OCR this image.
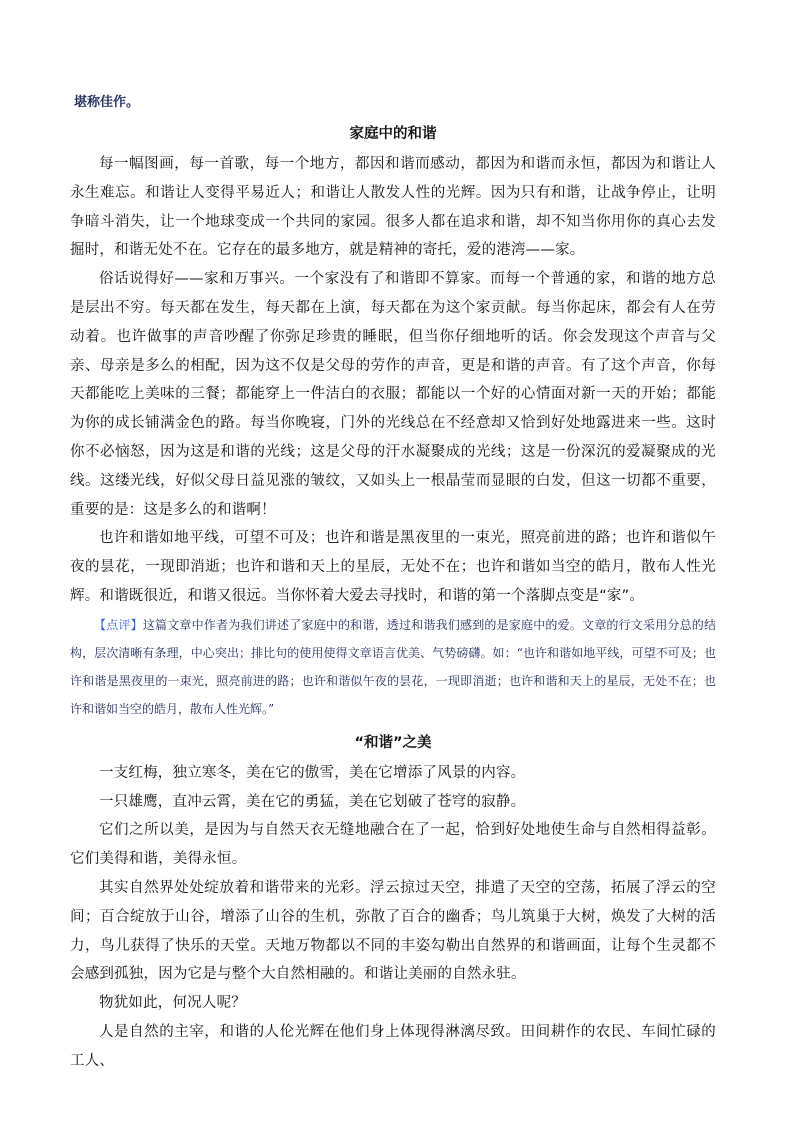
堪称佳作。

家庭中的和谐

每一幅图画，每一首歌，每一个地方，都因和谐而感动，都因为和谐而永恒，都因为和谐让人永生难忘。和谐让人变得平易近人；和谐让人散发人性的光辉。因为只有和谐，让战争停止，让明争暗斗消失，让一个地球变成一个共同的家园。很多人都在追求和谐，却不知当你用你的真心去发掘时，和谐无处不在。它存在的最多地方，就是精神的寄托，爱的港湾——家。

俗话说得好——家和万事兴。一个家没有了和谐即不算家。而每一个普通的家，和谐的地方总是层出不穷。每天都在发生，每天都在上演，每天都在为这个家贡献。每当你起床，都会有人在劳动着。也许做事的声音吵醒了你弥足珍贵的睡眠，但当你仔细地听的话。你会发现这个声音与父亲、母亲是多么的相配，因为这不仅是父母的劳作的声音，更是和谐的声音。有了这个声音，你每天都能吃上美味的三餐；都能穿上一件洁白的衣服；都能以一个好的心情面对新一天的开始；都能为你的成长铺满金色的路。每当你晚寝，门外的光线总在不经意却又恰到好处地露进来一些。这时你不必恼怒，因为这是和谐的光线；这是父母的汗水凝聚成的光线；这是一份深沉的爱凝聚成的光线。这缕光线，好似父母日益见涨的皱纹，又如头上一根晶莹而显眼的白发，但这一切都不重要，重要的是：这是多么的和谐啊！

也许和谐如地平线，可望不可及；也许和谐是黑夜里的一束光，照亮前进的路；也许和谐似午夜的昙花，一现即消逝；也许和谐和天上的星辰，无处不在；也许和谐如当空的皓月，散布人性光辉。和谐既很近，和谐又很远。当你怀着大爱去寻找时，和谐的第一个落脚点变是“家”。

【点评】这篇文章中作者为我们讲述了家庭中的和谐，透过和谐我们感到的是家庭中的爱。文章的行文采用分总的结构，层次清晰有条理，中心突出；排比句的使用使得文章语言优美、气势磅礴。如：“也许和谐如地平线，可望不可及；也许和谐是黑夜里的一束光，照亮前进的路；也许和谐似午夜的昙花，一现即消逝；也许和谐和天上的星辰，无处不在；也许和谐如当空的皓月，散布人性光辉。”

“和谐”之美

一支红梅，独立寒冬，美在它的傲雪，美在它增添了风景的内容。

一只雄鹰，直冲云霄，美在它的勇猛，美在它划破了苍穹的寂静。

它们之所以美，是因为与自然天衣无缝地融合在了一起，恰到好处地使生命与自然相得益彰。它们美得和谐，美得永恒。

其实自然界处处绽放着和谐带来的光彩。浮云掠过天空，排遣了天空的空荡，拓展了浮云的空间；百合绽放于山谷，增添了山谷的生机，弥散了百合的幽香；鸟儿筑巢于大树，焕发了大树的活力，鸟儿获得了快乐的天堂。天地万物都以不同的丰姿勾勒出自然界的和谐画面，让每个生灵都不会感到孤独，因为它是与整个大自然相融的。和谐让美丽的自然永驻。

物犹如此，何况人呢？

人是自然的主宰，和谐的人伦光辉在他们身上体现得淋漓尽致。田间耕作的农民、车间忙碌的工人、
